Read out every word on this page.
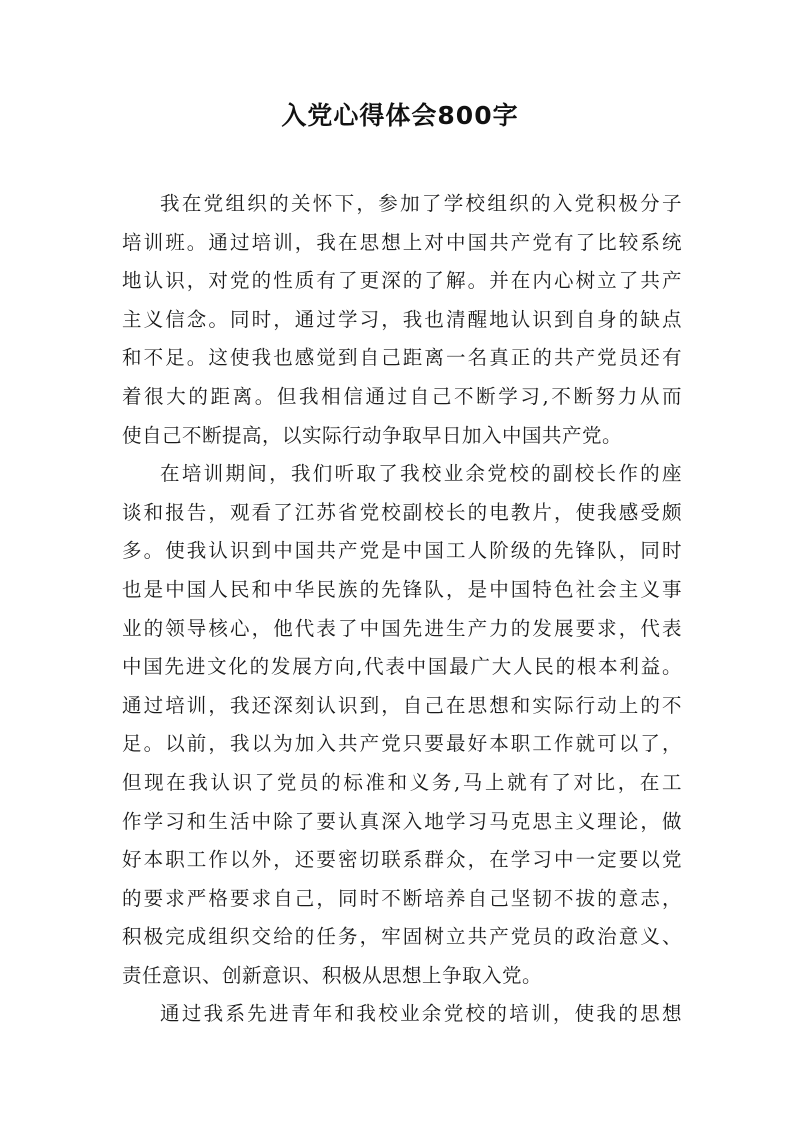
入党心得体会800字
我在党组织的关怀下，参加了学校组织的入党积极分子
培训班。通过培训，我在思想上对中国共产党有了比较系统
地认识，对党的性质有了更深的了解。并在内心树立了共产
主义信念。同时，通过学习，我也清醒地认识到自身的缺点
和不足。这使我也感觉到自己距离一名真正的共产党员还有
着很大的距离。但我相信通过自己不断学习,不断努力从而
使自己不断提高，以实际行动争取早日加入中国共产党。
在培训期间，我们听取了我校业余党校的副校长作的座
谈和报告，观看了江苏省党校副校长的电教片，使我感受颇
多。使我认识到中国共产党是中国工人阶级的先锋队，同时
也是中国人民和中华民族的先锋队，是中国特色社会主义事
业的领导核心，他代表了中国先进生产力的发展要求，代表
中国先进文化的发展方向,代表中国最广大人民的根本利益。
通过培训，我还深刻认识到，自己在思想和实际行动上的不
足。以前，我以为加入共产党只要最好本职工作就可以了，
但现在我认识了党员的标准和义务,马上就有了对比，在工
作学习和生活中除了要认真深入地学习马克思主义理论，做
好本职工作以外，还要密切联系群众，在学习中一定要以党
的要求严格要求自己，同时不断培养自己坚韧不拔的意志，
积极完成组织交给的任务，牢固树立共产党员的政治意义、
责任意识、创新意识、积极从思想上争取入党。
通过我系先进青年和我校业余党校的培训，使我的思想
